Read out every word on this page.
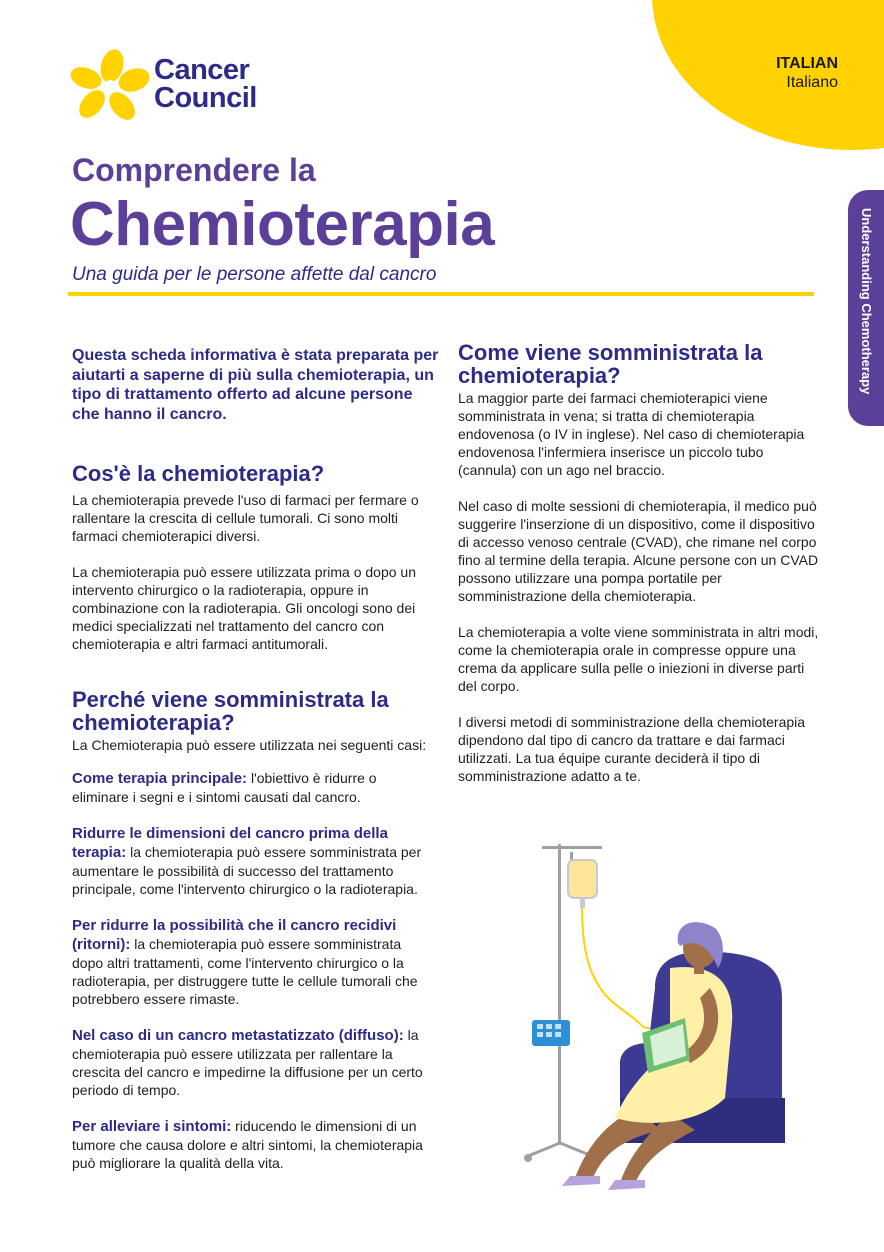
ITALIAN
Italiano
Cancer
Council
Comprendere la
Chemioterapia
Una guida per le persone affette dal cancro	Understanding Chemotherapy
Questa scheda informativa è stata preparata per aiutarti a saperne di più sulla chemioterapia, un tipo di trattamento offerto ad alcune persone che hanno il cancro.
Cos'è la chemioterapia?

La chemioterapia prevede l'uso di farmaci per fermare o rallentare la crescita di cellule tumorali. Ci sono molti farmaci chemioterapici diversi.

La chemioterapia può essere utilizzata prima o dopo un intervento chirurgico o la radioterapia, oppure in combinazione con la radioterapia. Gli oncologi sono dei medici specializzati nel trattamento del cancro con chemioterapia e altri farmaci antitumorali.

Perché viene somministrata la chemioterapia?

La Chemioterapia può essere utilizzata nei seguenti casi:

Come terapia principale: l'obiettivo è ridurre o eliminare i segni e i sintomi causati dal cancro.

Ridurre le dimensioni del cancro prima della terapia: la chemioterapia può essere somministrata per aumentare le possibilità di successo del trattamento principale, come l'intervento chirurgico o la radioterapia.

Per ridurre la possibilità che il cancro recidivi (ritorni): la chemioterapia può essere somministrata dopo altri trattamenti, come l'intervento chirurgico o la radioterapia, per distruggere tutte le cellule tumorali che potrebbero essere rimaste.

Nel caso di un cancro metastatizzato (diffuso): la chemioterapia può essere utilizzata per rallentare la crescita del cancro e impedirne la diffusione per un certo periodo di tempo.

Per alleviare i sintomi: riducendo le dimensioni di un tumore che causa dolore e altri sintomi, la chemioterapia può migliorare la qualità della vita.

Come viene somministrata la chemioterapia?

La maggior parte dei farmaci chemioterapici viene somministrata in vena; si tratta di chemioterapia endovenosa (o IV in inglese). Nel caso di chemioterapia endovenosa l'infermiera inserisce un piccolo tubo (cannula) con un ago nel braccio.

Nel caso di molte sessioni di chemioterapia, il medico può suggerire l'inserzione di un dispositivo, come il dispositivo di accesso venoso centrale (CVAD), che rimane nel corpo fino al termine della terapia. Alcune persone con un CVAD possono utilizzare una pompa portatile per somministrazione della chemioterapia.

La chemioterapia a volte viene somministrata in altri modi, come la chemioterapia orale in compresse oppure una crema da applicare sulla pelle o iniezioni in diverse parti del corpo.

I diversi metodi di somministrazione della chemioterapia dipendono dal tipo di cancro da trattare e dai farmaci utilizzati. La tua équipe curante deciderà il tipo di somministrazione adatto a te.
